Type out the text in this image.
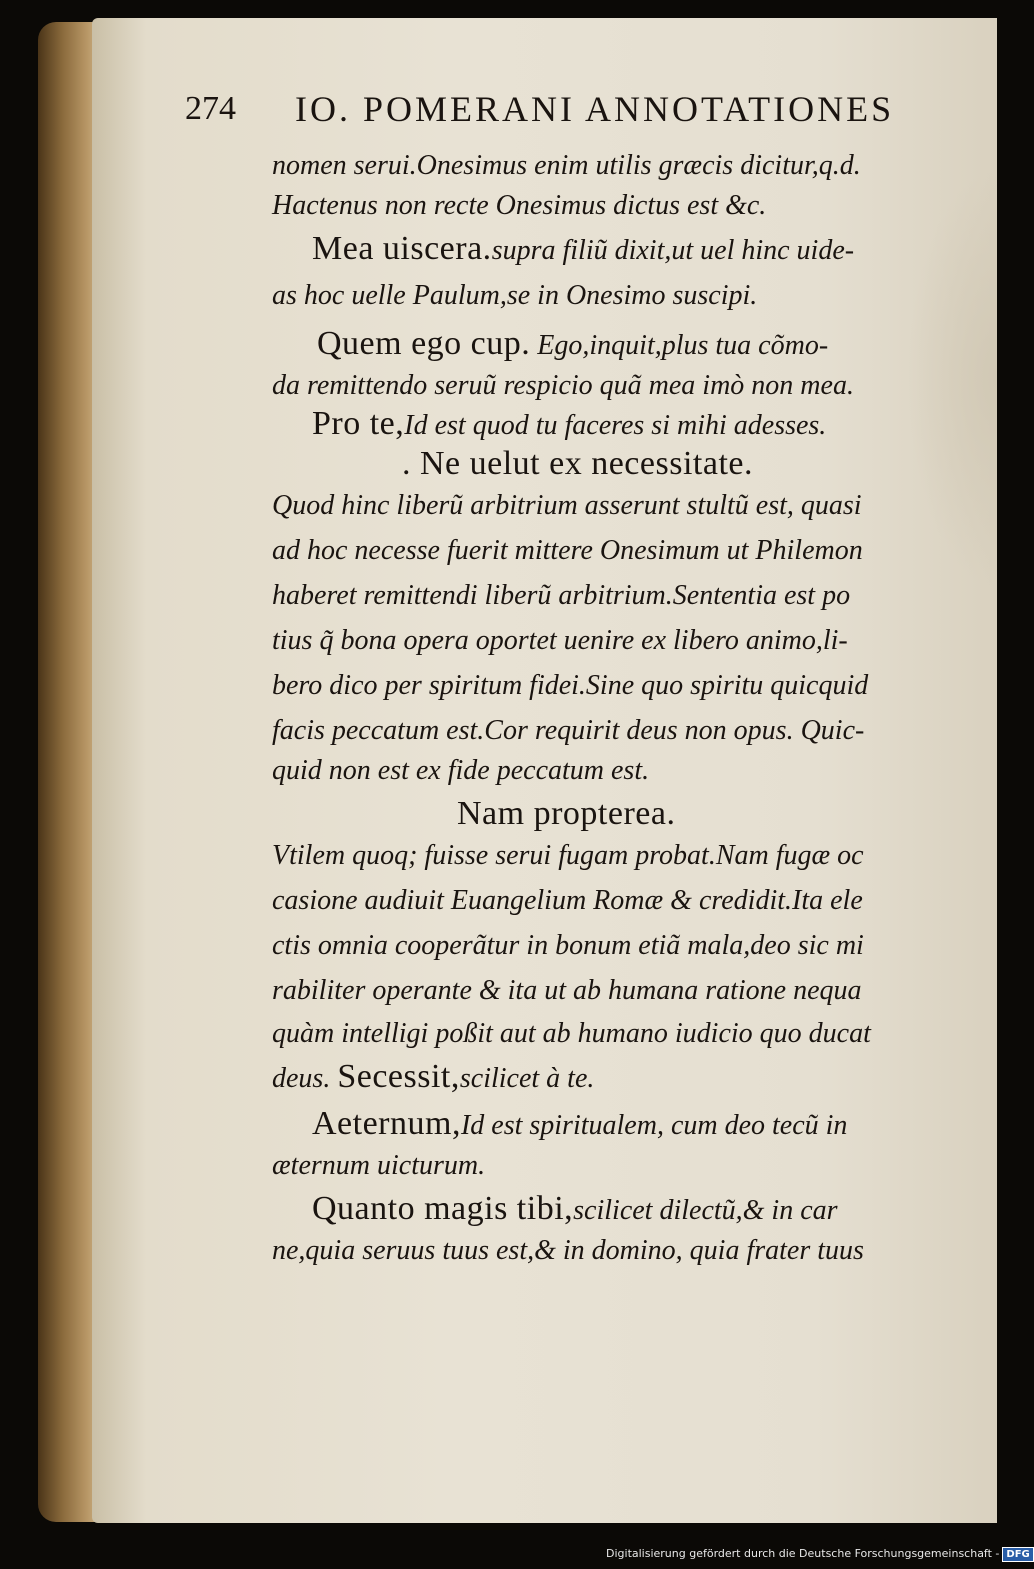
274 IO. POMERANI ANNOTATIONES
nomen serui.Onesimus enim utilis græcis dicitur,q.d.
Hactenus non recte Onesimus dictus est &c.
Mea uiscera.supra filiũ dixit,ut uel hinc uide-
as hoc uelle Paulum,se in Onesimo suscipi.
Quem ego cup. Ego,inquit,plus tua cõmo-
da remittendo seruũ respicio quã mea imò non mea.
Pro te,Id est quod tu faceres si mihi adesses.
. Ne uelut ex necessitate.
Quod hinc liberũ arbitrium asserunt stultũ est, quasi
ad hoc necesse fuerit mittere Onesimum ut Philemon
haberet remittendi liberũ arbitrium.Sententia est po
tius q̃ bona opera oportet uenire ex libero animo,li-
bero dico per spiritum fidei.Sine quo spiritu quicquid
facis peccatum est.Cor requirit deus non opus. Quic-
quid non est ex fide peccatum est.
Nam propterea.
Vtilem quoq; fuisse serui fugam probat.Nam fugæ oc
casione audiuit Euangelium Romæ & credidit.Ita ele
ctis omnia cooperãtur in bonum etiã mala,deo sic mi
rabiliter operante & ita ut ab humana ratione nequa
quàm intelligi poßit aut ab humano iudicio quo ducat
deus. Secessit,scilicet à te.
Aeternum,Id est spiritualem, cum deo tecũ in
æternum uicturum.
Quanto magis tibi,scilicet dilectũ,& in car
ne,quia seruus tuus est,& in domino, quia frater tuus
Digitalisierung gefördert durch die Deutsche Forschungsgemeinschaft - DFG
